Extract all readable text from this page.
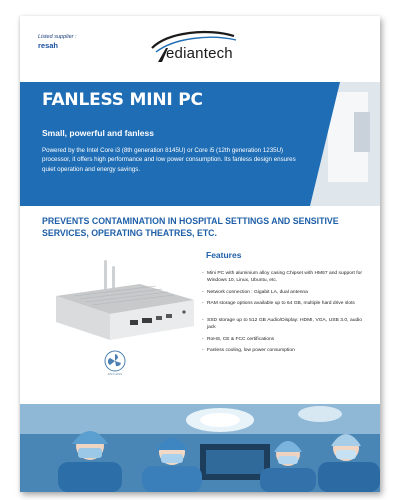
Listed supplier :
resah	ediantech
FANLESS MINI PC
Small, powerful and fanless

Powered by the Intel Core i3 (8th generation 8145U) or Core i5 (12th generation 1235U) processor, it offers high performance and low power consumption. Its fanless design ensures quiet operation and energy savings.

PREVENTS CONTAMINATION IN HOSPITAL SETTINGS AND SENSITIVE SERVICES, OPERATING THEATRES, ETC.

FAN LESS
Features
- Mini PC with aluminium alloy casing Chipset with HM67 and support for Windows 10, Linux, Ubuntu, etc.
- Network connection : Gigabit LA, dual antenna
- RAM storage options available up to 64 GB, multiple hard drive slots
- SSD storage up to 512 GB Audio/Display: HDMI, VGA, USB 3.0, audio jack
- RoHS, CE & FCC certifications
- Fanless cooling, low power consumption
